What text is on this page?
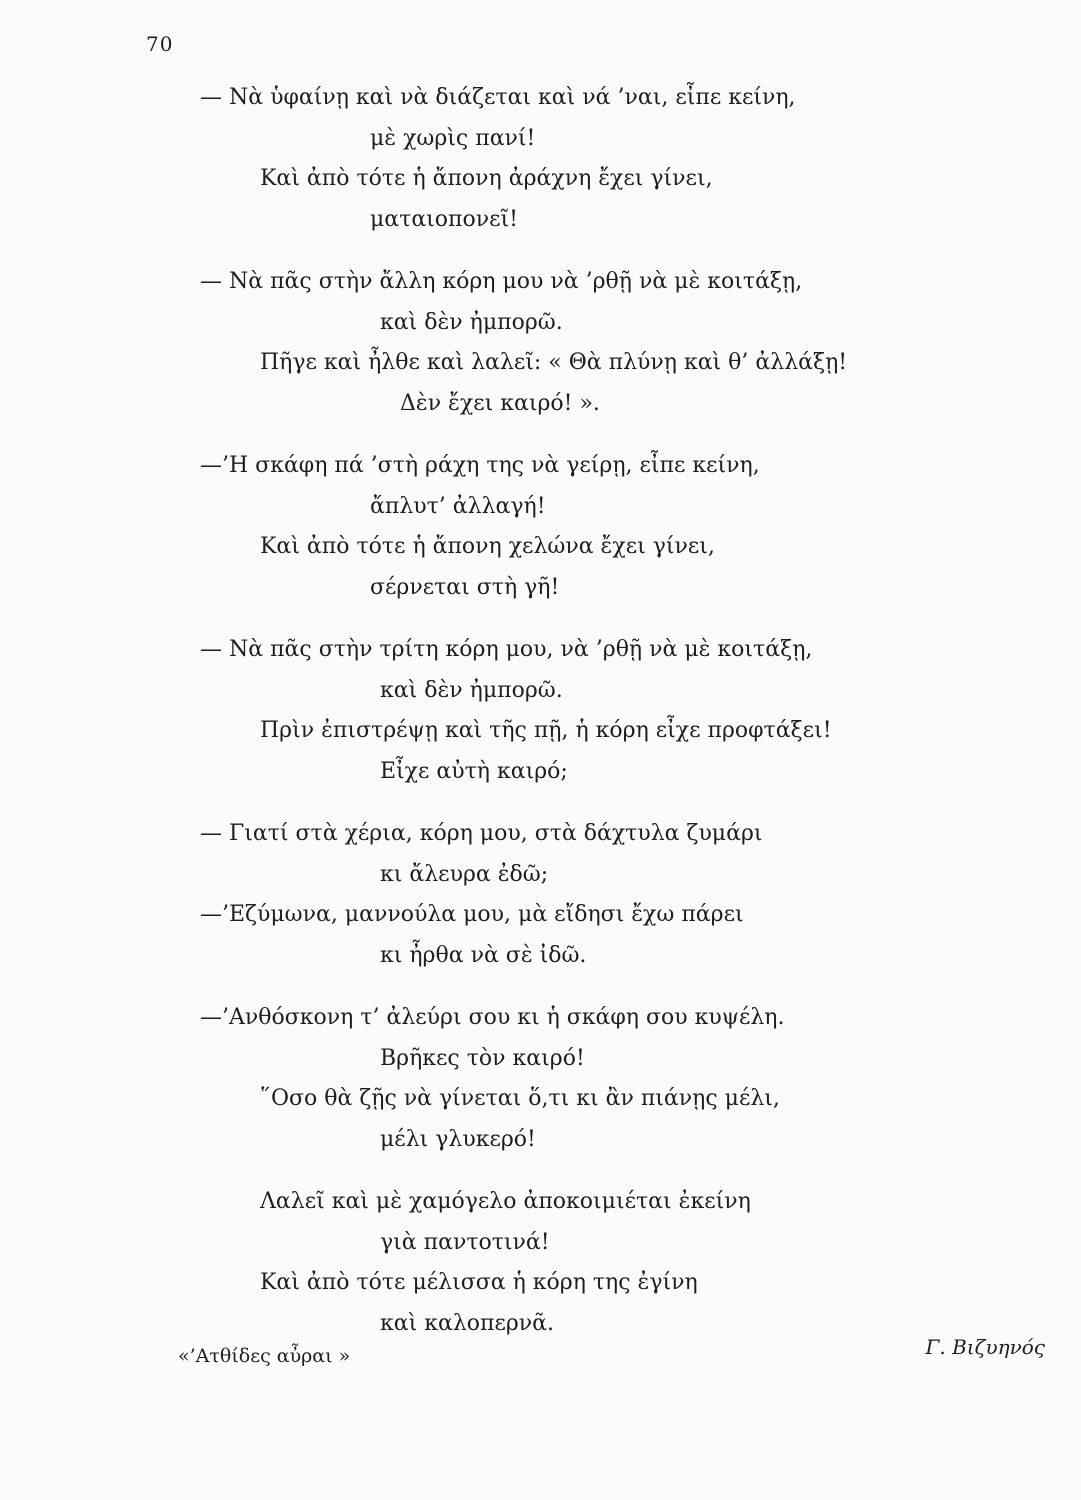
70
— Νὰ ὑφαίνῃ καὶ νὰ διάζεται καὶ νά ’ναι, εἶπε κείνη,
μὲ χωρὶς πανί!
Καὶ ἀπὸ τότε ἡ ἄπονη ἀράχνη ἔχει γίνει,
ματαιοπονεῖ!
— Νὰ πᾶς στὴν ἄλλη κόρη μου νὰ ’ρθῇ νὰ μὲ κοιτάξῃ,
καὶ δὲν ἠμπορῶ.
Πῆγε καὶ ἦλθε καὶ λαλεῖ: « Θὰ πλύνῃ καὶ θ’ ἀλλάξῃ!
Δὲν ἔχει καιρό! ».
—’Η σκάφη πά ’στὴ ράχη της νὰ γείρῃ, εἶπε κείνη,
ἄπλυτ’ ἀλλαγή!
Καὶ ἀπὸ τότε ἡ ἄπονη χελώνα ἔχει γίνει,
σέρνεται στὴ γῆ!
— Νὰ πᾶς στὴν τρίτη κόρη μου, νὰ ’ρθῇ νὰ μὲ κοιτάξῃ,
καὶ δὲν ἠμπορῶ.
Πρὶν ἐπιστρέψῃ καὶ τῆς πῇ, ἡ κόρη εἶχε προφτάξει!
Εἶχε αὐτὴ καιρό;
— Γιατί στὰ χέρια, κόρη μου, στὰ δάχτυλα ζυμάρι
κι ἄλευρα ἐδῶ;
—’Εζύμωνα, μαννούλα μου, μὰ εἴδησι ἔχω πάρει
κι ἦρθα νὰ σὲ ἰδῶ.
—’Ανθόσκονη τ’ ἀλεύρι σου κι ἡ σκάφη σου κυψέλη.
Βρῆκες τὸν καιρό!
῞Οσο θὰ ζῇς νὰ γίνεται ὅ,τι κι ἂν πιάνῃς μέλι,
μέλι γλυκερό!
Λαλεῖ καὶ μὲ χαμόγελο ἀποκοιμιέται ἐκείνη
γιὰ παντοτινά!
Καὶ ἀπὸ τότε μέλισσα ἡ κόρη της ἐγίνη
καὶ καλοπερνᾶ.
«’Ατθίδες αὖραι »	Γ. Βιζυηνός
